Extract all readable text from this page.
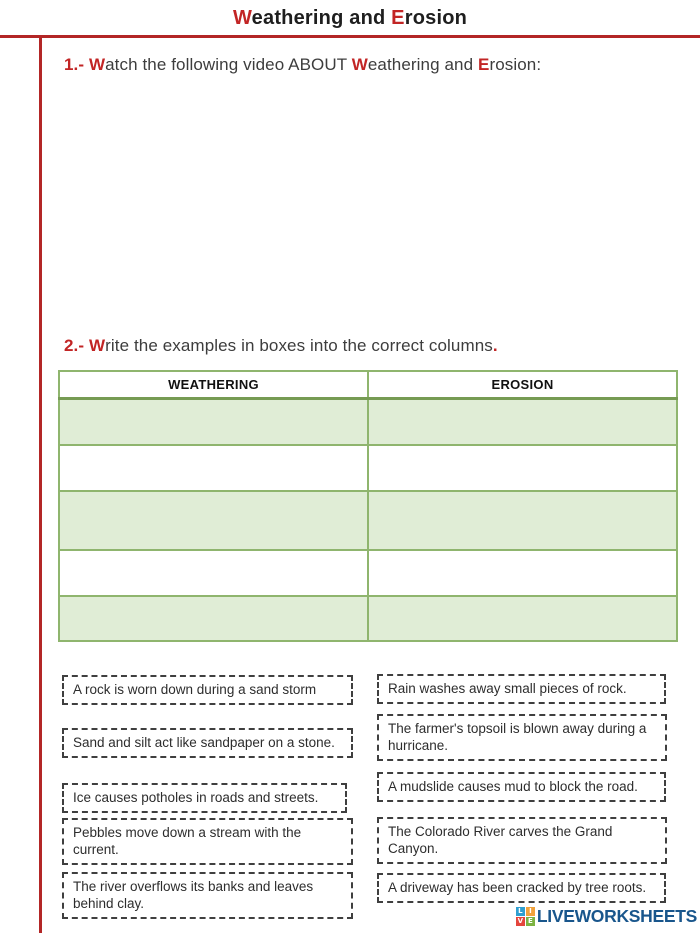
Weathering and Erosion
1.- Watch the following video ABOUT Weathering and Erosion:
2.- Write the examples in boxes into the correct columns.
WEATHERING	EROSION

A rock is worn down during a sand storm
Sand and silt act like sandpaper on a stone.
Ice causes potholes in roads and streets.
Pebbles move down a stream with the current.
The river overflows its banks and leaves behind clay.
Rain washes away small pieces of rock.
The farmer's topsoil is blown away during a hurricane.
A mudslide causes mud to block the road.
The Colorado River carves the Grand Canyon.
A driveway has been cracked by tree roots.
L I
V E LIVEWORKSHEETS
